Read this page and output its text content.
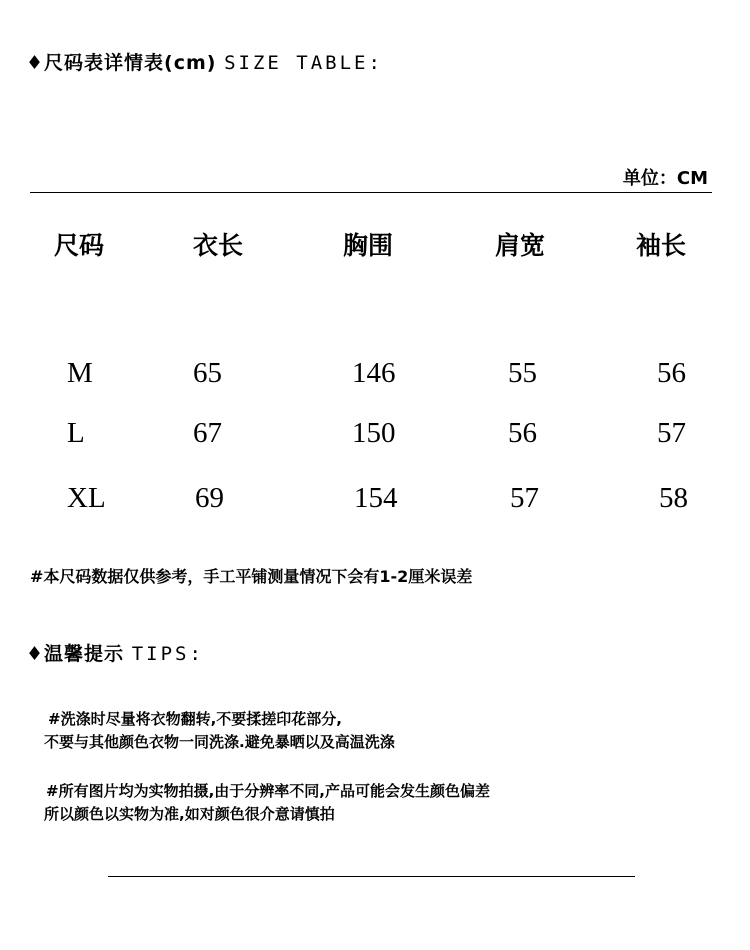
♦尺码表详情表(cm) SIZE TABLE:
单位：CM
尺码	衣长	胸围	肩宽	袖长
M	65	146	55	56
L	67	150	56	57
XL	69	154	57	58
#本尺码数据仅供参考，手工平铺测量情况下会有1-2厘米误差
♦温馨提示 TIPS:
#洗涤时尽量将衣物翻转,不要揉搓印花部分,
不要与其他颜色衣物一同洗涤.避免暴晒以及高温洗涤
#所有图片均为实物拍摄,由于分辨率不同,产品可能会发生颜色偏差
所以颜色以实物为准,如对颜色很介意请慎拍
